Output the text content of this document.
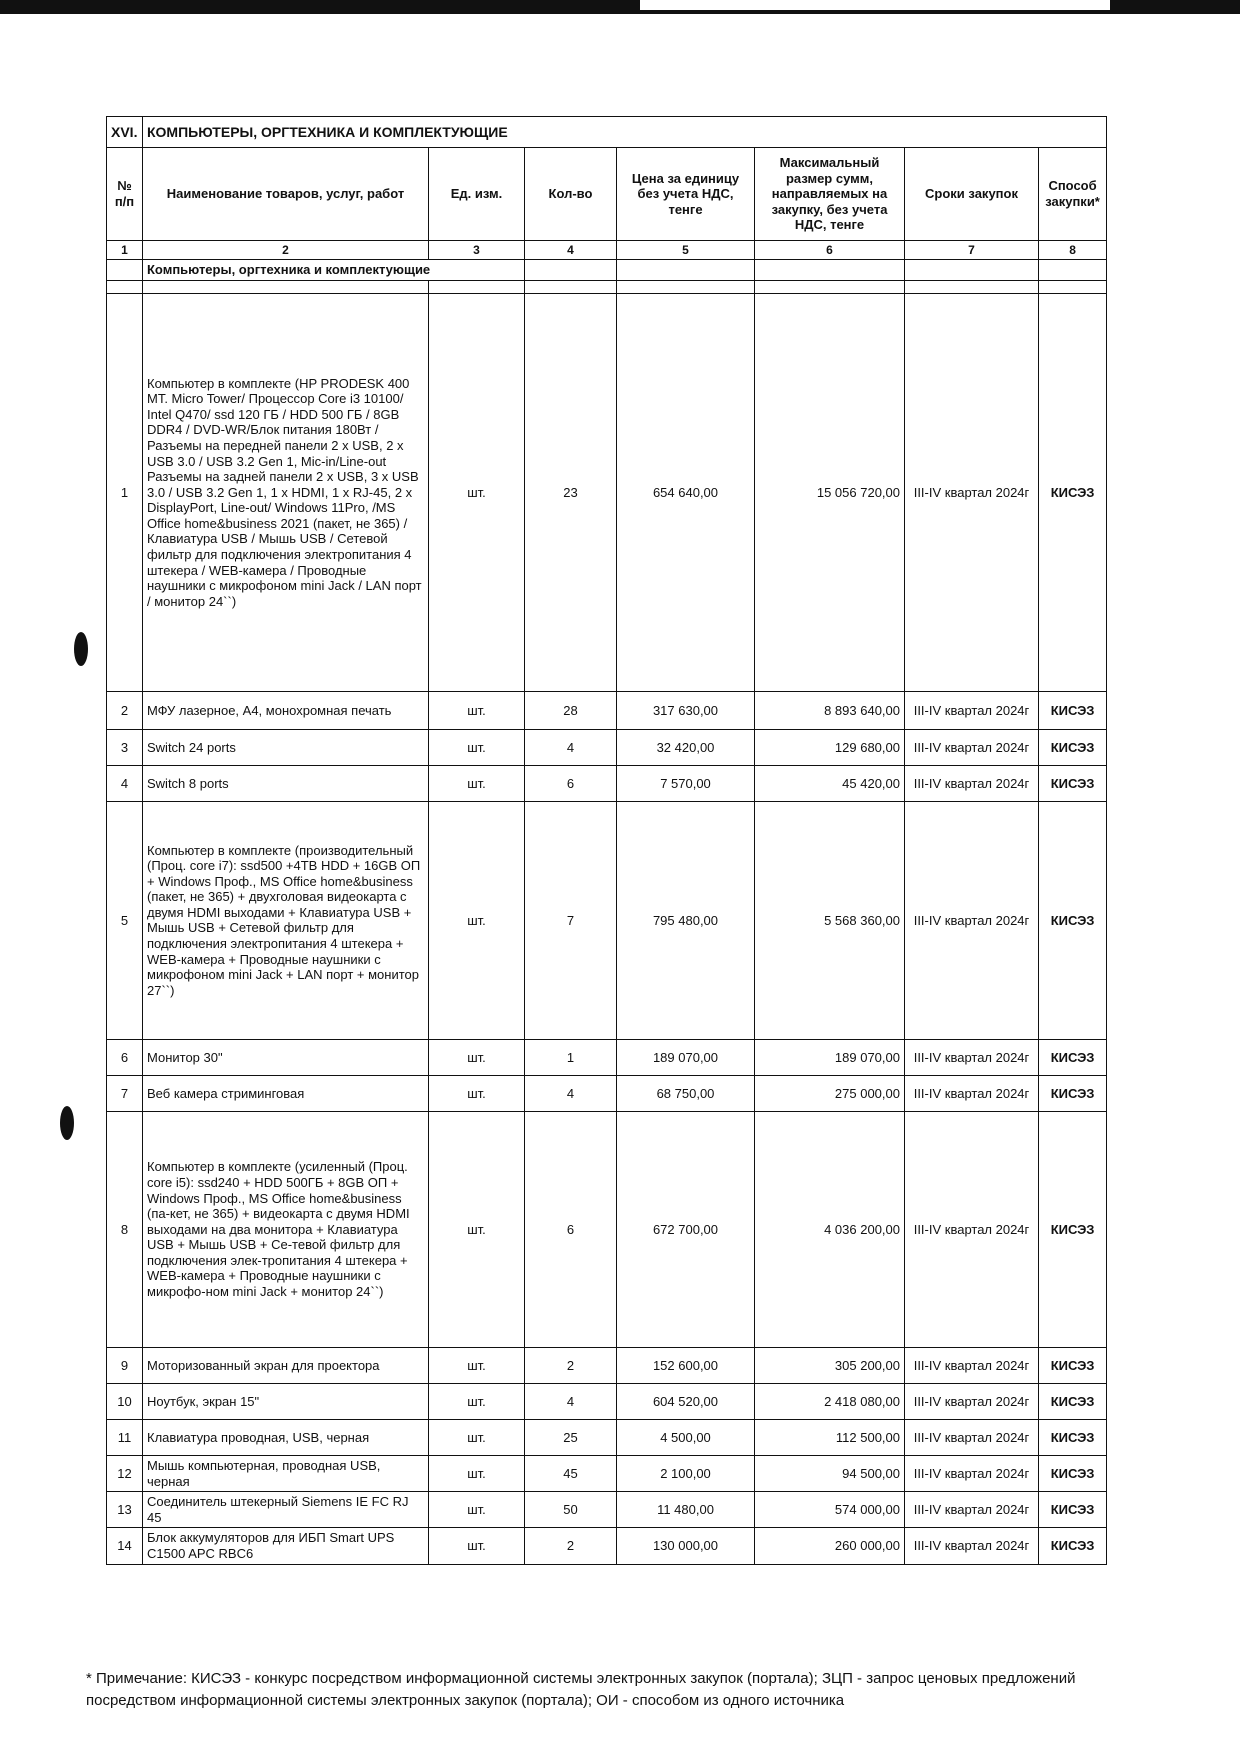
XVI.	КОМПЬЮТЕРЫ, ОРГТЕХНИКА И КОМПЛЕКТУЮЩИЕ						
№ п/п	Наименование товаров, услуг, работ	Ед. изм.	Кол-во	Цена за единицу без учета НДС, тенге	Максимальный размер сумм, направляемых на закупку, без учета НДС, тенге	Сроки закупок	Способ закупки*
1	2	3	4	5	6	7	8
	Компьютеры, оргтехника и комплектующие						

1	Компьютер в комплекте (HP PRODESK 400 MT. Micro Tower/ Процессор Core i3 10100/ Intel Q470/ ssd 120 ГБ / HDD 500 ГБ / 8GB DDR4 / DVD-WR/Блок питания 180Вт / Разъемы на передней панели 2 x USB, 2 x USB 3.0 / USB 3.2 Gen 1, Mic-in/Line-out Разъемы на задней панели 2 x USB, 3 x USB 3.0 / USB 3.2 Gen 1, 1 x HDMI, 1 x RJ-45, 2 x DisplayPort, Line-out/ Windows 11Pro, /MS Office home&business 2021 (пакет, не 365) / Клавиатура USB / Мышь USB / Сетевой фильтр для подключения электропитания 4 штекера / WEB-камера / Проводные наушники с микрофоном mini Jack / LAN порт / монитор 24``)	шт.	23	654 640,00	15 056 720,00	III-IV квартал 2024г	КИСЭЗ
2	МФУ лазерное, А4, монохромная печать	шт.	28	317 630,00	8 893 640,00	III-IV квартал 2024г	КИСЭЗ
3	Switch 24 ports	шт.	4	32 420,00	129 680,00	III-IV квартал 2024г	КИСЭЗ
4	Switch 8 ports	шт.	6	7 570,00	45 420,00	III-IV квартал 2024г	КИСЭЗ
5	Компьютер в комплекте (производительный (Проц. core i7): ssd500 +4TB HDD + 16GB ОП + Windows Проф., MS Office home&business (пакет, не 365) + двухголовая видеокарта с двумя HDMI выходами + Клавиатура USB + Мышь USB + Сетевой фильтр для подключения электропитания 4 штекера + WEB-камера + Проводные наушники с микрофоном mini Jack + LAN порт + монитор 27``)	шт.	7	795 480,00	5 568 360,00	III-IV квартал 2024г	КИСЭЗ
6	Монитор 30"	шт.	1	189 070,00	189 070,00	III-IV квартал 2024г	КИСЭЗ
7	Веб камера стриминговая	шт.	4	68 750,00	275 000,00	III-IV квартал 2024г	КИСЭЗ
8	Компьютер в комплекте (усиленный (Проц. core i5): ssd240 + HDD 500ГБ + 8GB ОП + Windows Проф., MS Office home&business (па-кет, не 365) + видеокарта с двумя HDMI выходами на два монитора + Клавиатура USB + Мышь USB + Се-тевой фильтр для подключения элек-тропитания 4 штекера + WEB-камера + Проводные наушники с микрофо-ном mini Jack + монитор 24``)	шт.	6	672 700,00	4 036 200,00	III-IV квартал 2024г	КИСЭЗ
9	Моторизованный экран для проектора	шт.	2	152 600,00	305 200,00	III-IV квартал 2024г	КИСЭЗ
10	Ноутбук, экран 15"	шт.	4	604 520,00	2 418 080,00	III-IV квартал 2024г	КИСЭЗ
11	Клавиатура проводная, USB, черная	шт.	25	4 500,00	112 500,00	III-IV квартал 2024г	КИСЭЗ
12	Мышь компьютерная, проводная USB, черная	шт.	45	2 100,00	94 500,00	III-IV квартал 2024г	КИСЭЗ
13	Соединитель штекерный Siemens IE FC RJ 45	шт.	50	11 480,00	574 000,00	III-IV квартал 2024г	КИСЭЗ
14	Блок аккумуляторов для ИБП Smart UPS C1500 APC RBC6	шт.	2	130 000,00	260 000,00	III-IV квартал 2024г	КИСЭЗ
* Примечание: КИСЭЗ - конкурс посредством информационной системы электронных закупок (портала); ЗЦП - запрос ценовых предложений посредством информационной системы электронных закупок (портала); ОИ - способом из одного источника
